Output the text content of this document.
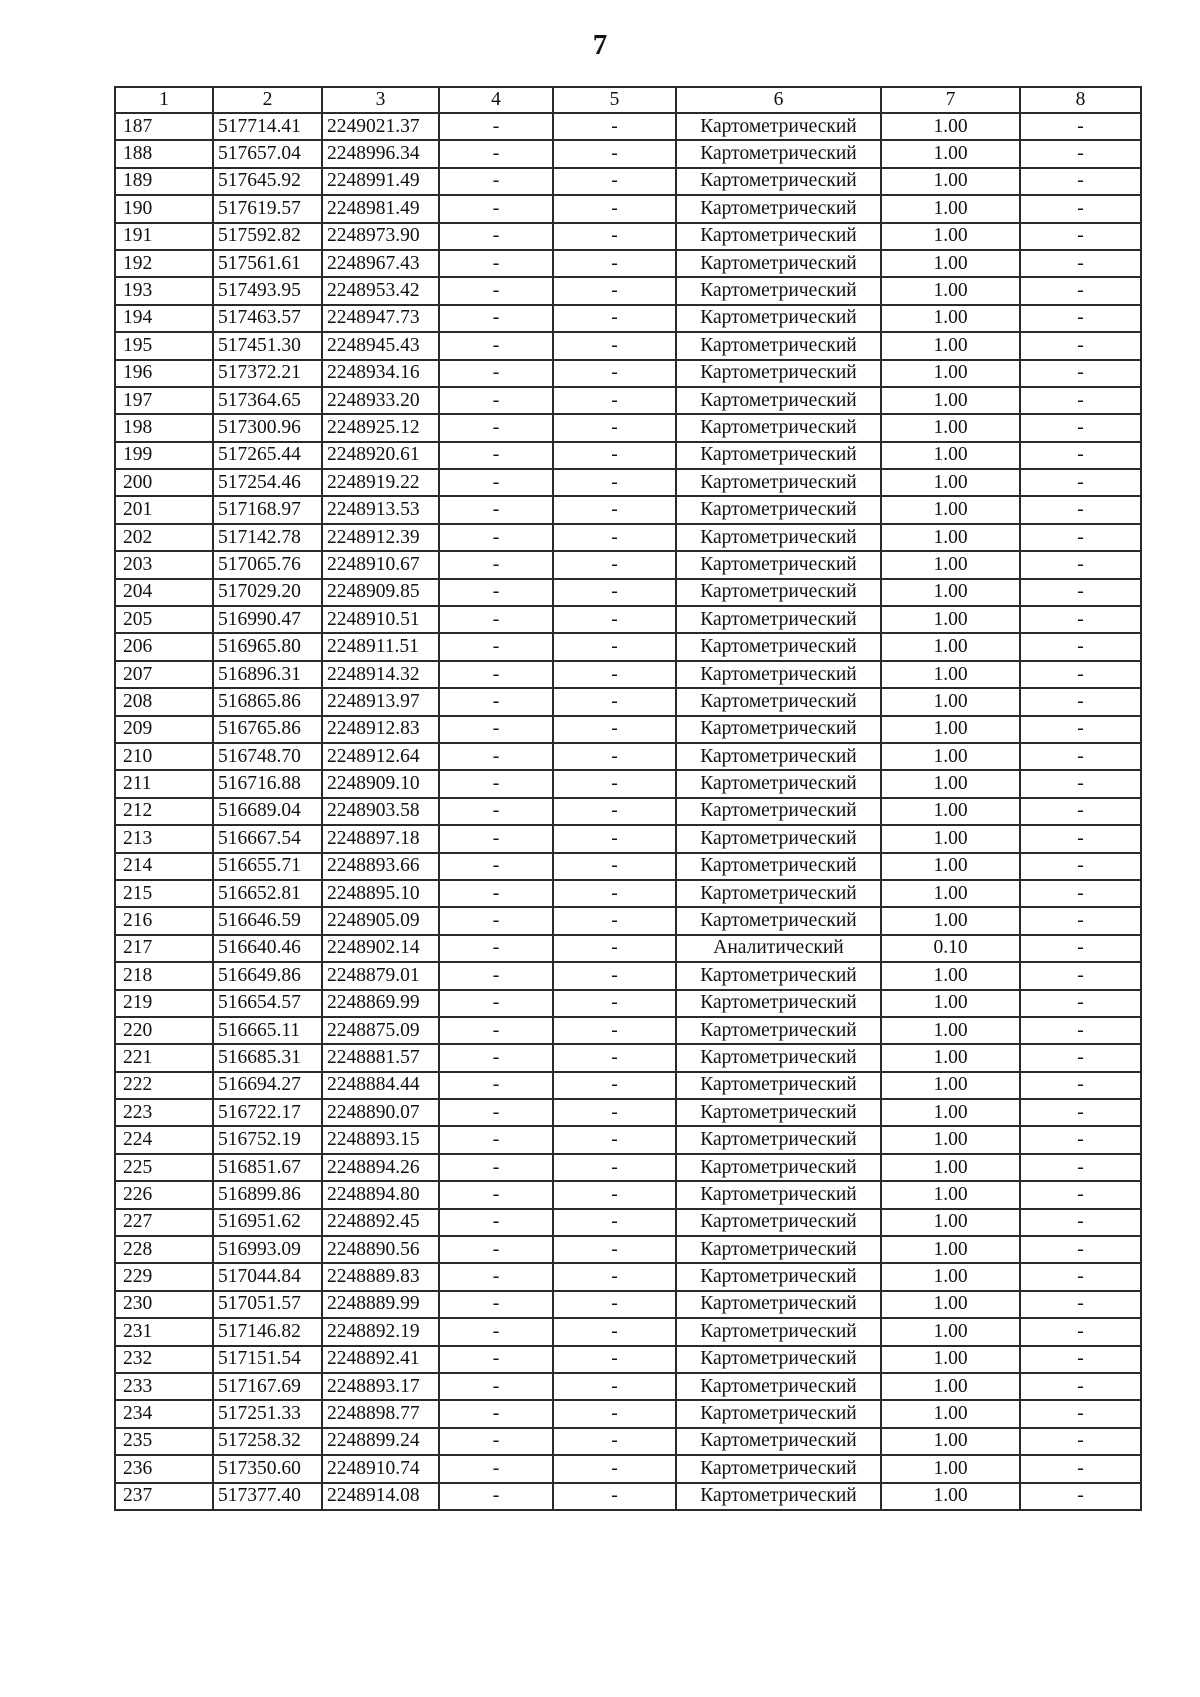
7
1	2	3	4	5	6	7	8
187	517714.41	2249021.37	-	-	Картометрический	1.00	-
188	517657.04	2248996.34	-	-	Картометрический	1.00	-
189	517645.92	2248991.49	-	-	Картометрический	1.00	-
190	517619.57	2248981.49	-	-	Картометрический	1.00	-
191	517592.82	2248973.90	-	-	Картометрический	1.00	-
192	517561.61	2248967.43	-	-	Картометрический	1.00	-
193	517493.95	2248953.42	-	-	Картометрический	1.00	-
194	517463.57	2248947.73	-	-	Картометрический	1.00	-
195	517451.30	2248945.43	-	-	Картометрический	1.00	-
196	517372.21	2248934.16	-	-	Картометрический	1.00	-
197	517364.65	2248933.20	-	-	Картометрический	1.00	-
198	517300.96	2248925.12	-	-	Картометрический	1.00	-
199	517265.44	2248920.61	-	-	Картометрический	1.00	-
200	517254.46	2248919.22	-	-	Картометрический	1.00	-
201	517168.97	2248913.53	-	-	Картометрический	1.00	-
202	517142.78	2248912.39	-	-	Картометрический	1.00	-
203	517065.76	2248910.67	-	-	Картометрический	1.00	-
204	517029.20	2248909.85	-	-	Картометрический	1.00	-
205	516990.47	2248910.51	-	-	Картометрический	1.00	-
206	516965.80	2248911.51	-	-	Картометрический	1.00	-
207	516896.31	2248914.32	-	-	Картометрический	1.00	-
208	516865.86	2248913.97	-	-	Картометрический	1.00	-
209	516765.86	2248912.83	-	-	Картометрический	1.00	-
210	516748.70	2248912.64	-	-	Картометрический	1.00	-
211	516716.88	2248909.10	-	-	Картометрический	1.00	-
212	516689.04	2248903.58	-	-	Картометрический	1.00	-
213	516667.54	2248897.18	-	-	Картометрический	1.00	-
214	516655.71	2248893.66	-	-	Картометрический	1.00	-
215	516652.81	2248895.10	-	-	Картометрический	1.00	-
216	516646.59	2248905.09	-	-	Картометрический	1.00	-
217	516640.46	2248902.14	-	-	Аналитический	0.10	-
218	516649.86	2248879.01	-	-	Картометрический	1.00	-
219	516654.57	2248869.99	-	-	Картометрический	1.00	-
220	516665.11	2248875.09	-	-	Картометрический	1.00	-
221	516685.31	2248881.57	-	-	Картометрический	1.00	-
222	516694.27	2248884.44	-	-	Картометрический	1.00	-
223	516722.17	2248890.07	-	-	Картометрический	1.00	-
224	516752.19	2248893.15	-	-	Картометрический	1.00	-
225	516851.67	2248894.26	-	-	Картометрический	1.00	-
226	516899.86	2248894.80	-	-	Картометрический	1.00	-
227	516951.62	2248892.45	-	-	Картометрический	1.00	-
228	516993.09	2248890.56	-	-	Картометрический	1.00	-
229	517044.84	2248889.83	-	-	Картометрический	1.00	-
230	517051.57	2248889.99	-	-	Картометрический	1.00	-
231	517146.82	2248892.19	-	-	Картометрический	1.00	-
232	517151.54	2248892.41	-	-	Картометрический	1.00	-
233	517167.69	2248893.17	-	-	Картометрический	1.00	-
234	517251.33	2248898.77	-	-	Картометрический	1.00	-
235	517258.32	2248899.24	-	-	Картометрический	1.00	-
236	517350.60	2248910.74	-	-	Картометрический	1.00	-
237	517377.40	2248914.08	-	-	Картометрический	1.00	-
